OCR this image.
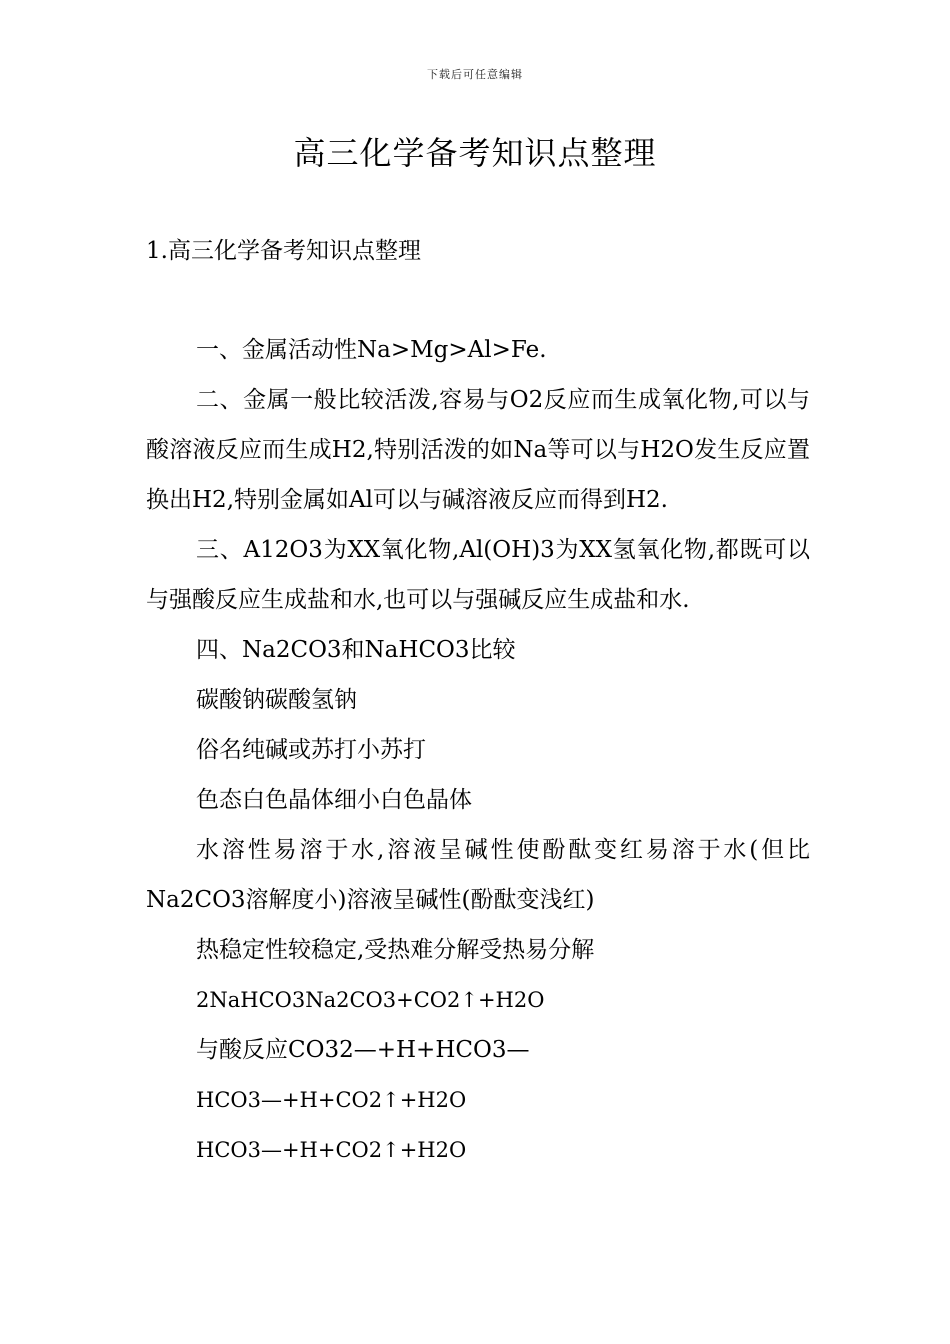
下载后可任意编辑
高三化学备考知识点整理
1.高三化学备考知识点整理

一、金属活动性Na>Mg>Al>Fe.

二、金属一般比较活泼,容易与O2反应而生成氧化物,可以与酸溶液反应而生成H2,特别活泼的如Na等可以与H2O发生反应置换出H2,特别金属如Al可以与碱溶液反应而得到H2.

三、A12O3为XX氧化物,Al(OH)3为XX氢氧化物,都既可以与强酸反应生成盐和水,也可以与强碱反应生成盐和水.

四、Na2CO3和NaHCO3比较

碳酸钠碳酸氢钠

俗名纯碱或苏打小苏打

色态白色晶体细小白色晶体

水溶性易溶于水,溶液呈碱性使酚酞变红易溶于水(但比Na2CO3溶解度小)溶液呈碱性(酚酞变浅红)

热稳定性较稳定,受热难分解受热易分解

2NaHCO3Na2CO3+CO2↑+H2O

与酸反应CO32—+H+HCO3—

HCO3—+H+CO2↑+H2O

HCO3—+H+CO2↑+H2O
